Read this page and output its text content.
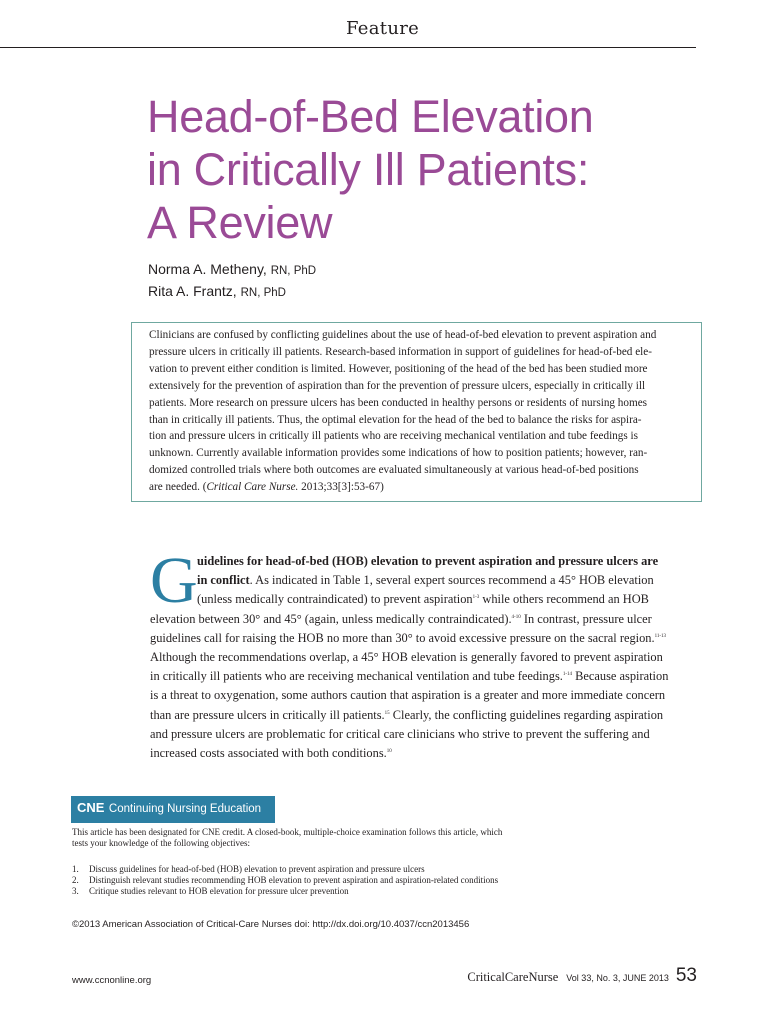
Feature
Head-of-Bed Elevation
in Critically Ill Patients:
A Review
Norma A. Metheny, RN, PhD
Rita A. Frantz, RN, PhD
Clinicians are confused by conflicting guidelines about the use of head-of-bed elevation to prevent aspiration and
pressure ulcers in critically ill patients. Research-based information in support of guidelines for head-of-bed ele-
vation to prevent either condition is limited. However, positioning of the head of the bed has been studied more
extensively for the prevention of aspiration than for the prevention of pressure ulcers, especially in critically ill
patients. More research on pressure ulcers has been conducted in healthy persons or residents of nursing homes
than in critically ill patients. Thus, the optimal elevation for the head of the bed to balance the risks for aspira-
tion and pressure ulcers in critically ill patients who are receiving mechanical ventilation and tube feedings is
unknown. Currently available information provides some indications of how to position patients; however, ran-
domized controlled trials where both outcomes are evaluated simultaneously at various head-of-bed positions
are needed. (Critical Care Nurse. 2013;33[3]:53-67)
G uidelines for head-of-bed (HOB) elevation to prevent aspiration and pressure ulcers are
in conflict. As indicated in Table 1, several expert sources recommend a 45° HOB elevation
(unless medically contraindicated) to prevent aspiration$^{1-3}$ while others recommend an HOB
elevation between 30° and 45° (again, unless medically contraindicated).$^{4-10}$ In contrast, pressure ulcer
guidelines call for raising the HOB no more than 30° to avoid excessive pressure on the sacral region.$^{11-13}$
Although the recommendations overlap, a 45° HOB elevation is generally favored to prevent aspiration
in critically ill patients who are receiving mechanical ventilation and tube feedings.$^{1-14}$ Because aspiration
is a threat to oxygenation, some authors caution that aspiration is a greater and more immediate concern
than are pressure ulcers in critically ill patients.$^{15}$ Clearly, the conflicting guidelines regarding aspiration
and pressure ulcers are problematic for critical care clinicians who strive to prevent the suffering and
increased costs associated with both conditions.$^{10}$
CNE Continuing Nursing Education
This article has been designated for CNE credit. A closed-book, multiple-choice examination follows this article, which
tests your knowledge of the following objectives:
1. Discuss guidelines for head-of-bed (HOB) elevation to prevent aspiration and pressure ulcers
2. Distinguish relevant studies recommending HOB elevation to prevent aspiration and aspiration-related conditions
3. Critique studies relevant to HOB elevation for pressure ulcer prevention
©2013 American Association of Critical-Care Nurses doi: http://dx.doi.org/10.4037/ccn2013456
www.ccnonline.org	CriticalCareNurse Vol 33, No. 3, JUNE 2013 53
